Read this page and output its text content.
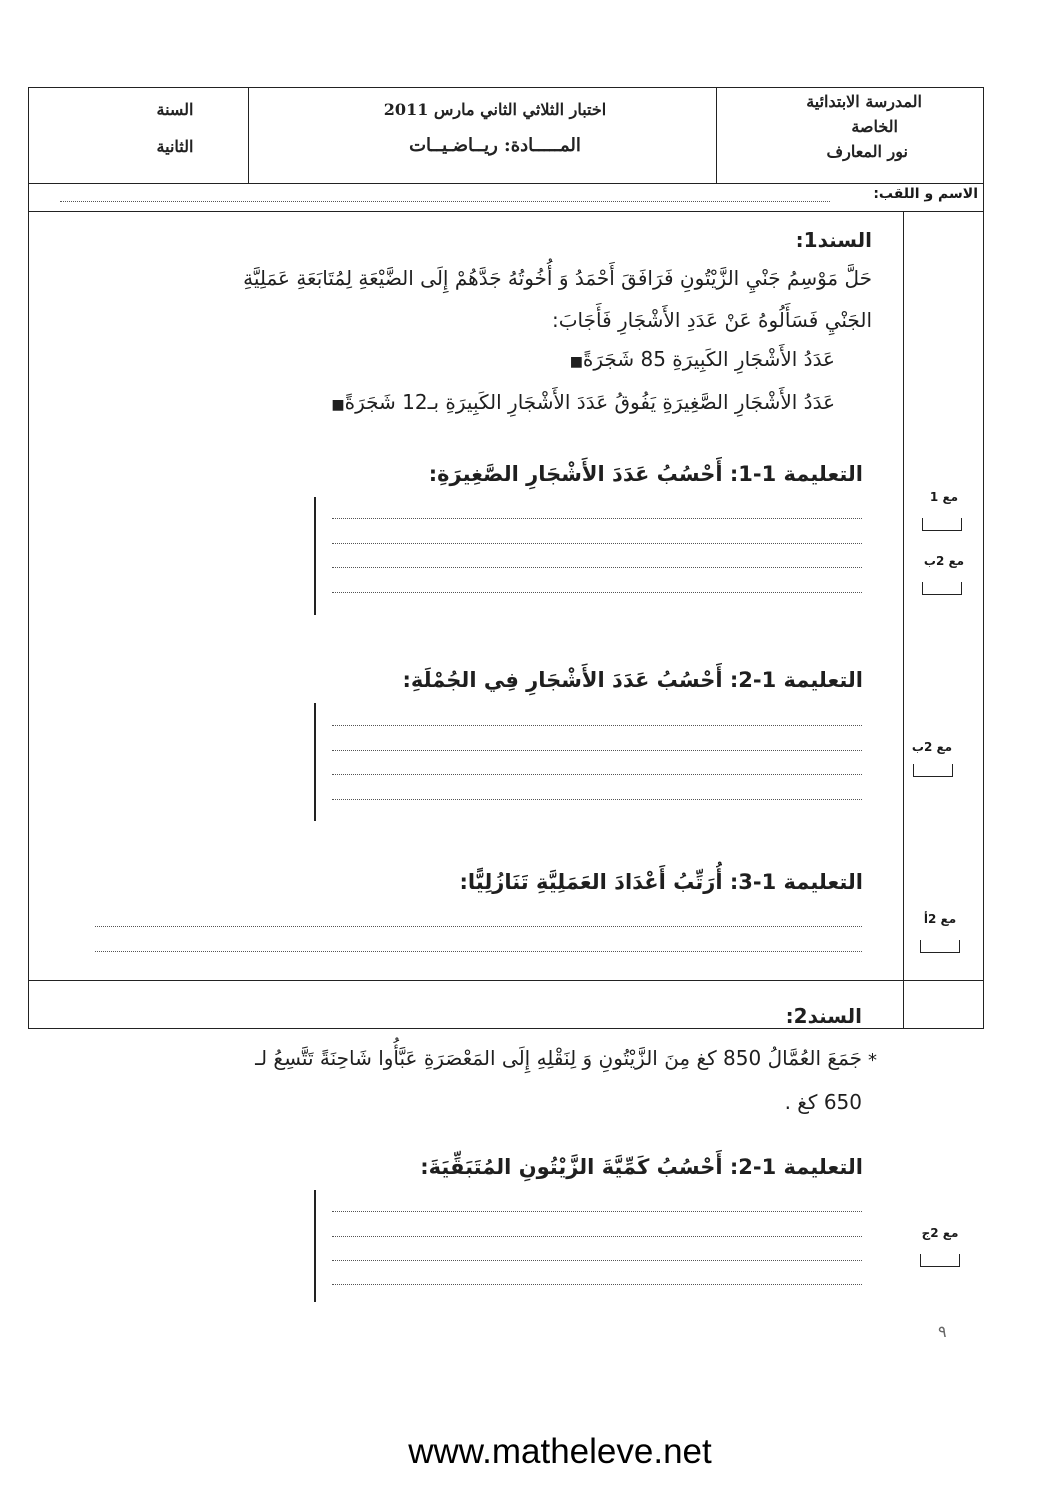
المدرسة الابتدائية
الخاصة
نور المعارف
اختبار الثلاثي الثاني مارس 2011
المـــــادة: ريــاضـيــات
السنة
الثانية
الاسم و اللقب:
السند1:
حَلَّ مَوْسِمُ جَنْيِ الزَّيْتُونِ فَرَافَقَ أَحْمَدُ وَ أُخُوتُهُ جَدَّهُمْ إِلَى الضَّيْعَةِ لِمُتَابَعَةِ عَمَلِيَّةِ
الجَنْيِ فَسَأَلُوهُ عَنْ عَدَدِ الأَشْجَارِ فَأَجَابَ:
عَدَدُ الأَشْجَارِ الكَبِيرَةِ 85 شَجَرَةً■
عَدَدُ الأَشْجَارِ الصَّغِيرَةِ يَفُوقُ عَدَدَ الأَشْجَارِ الكَبِيرَةِ بـ12 شَجَرَةً■
التعليمة 1-1: أَحْسُبُ عَدَدَ الأَشْجَارِ الصَّغِيرَةِ:
التعليمة 1-2: أَحْسُبُ عَدَدَ الأَشْجَارِ فِي الجُمْلَةِ:
التعليمة 1-3: أُرَتِّبُ أَعْدَادَ العَمَلِيَّةِ تَنَازُلِيًّا:
السند2:
جَمَعَ العُمَّالُ 850 كغ مِنَ الزَّيْتُونِ وَ لِنَقْلِهِ إِلَى المَعْصَرَةِ عَبَّأُوا شَاحِنَةً تَتَّسِعُ لـ *
650 كغ .
التعليمة 1-2: أَحْسُبُ كَمِّيَّةَ الزَّيْتُونِ المُتَبَقِّيَةَ:
مع 1
مع 2ب
مع 2ب
مع 2أ
مع 2ج
٩
www.matheleve.net
